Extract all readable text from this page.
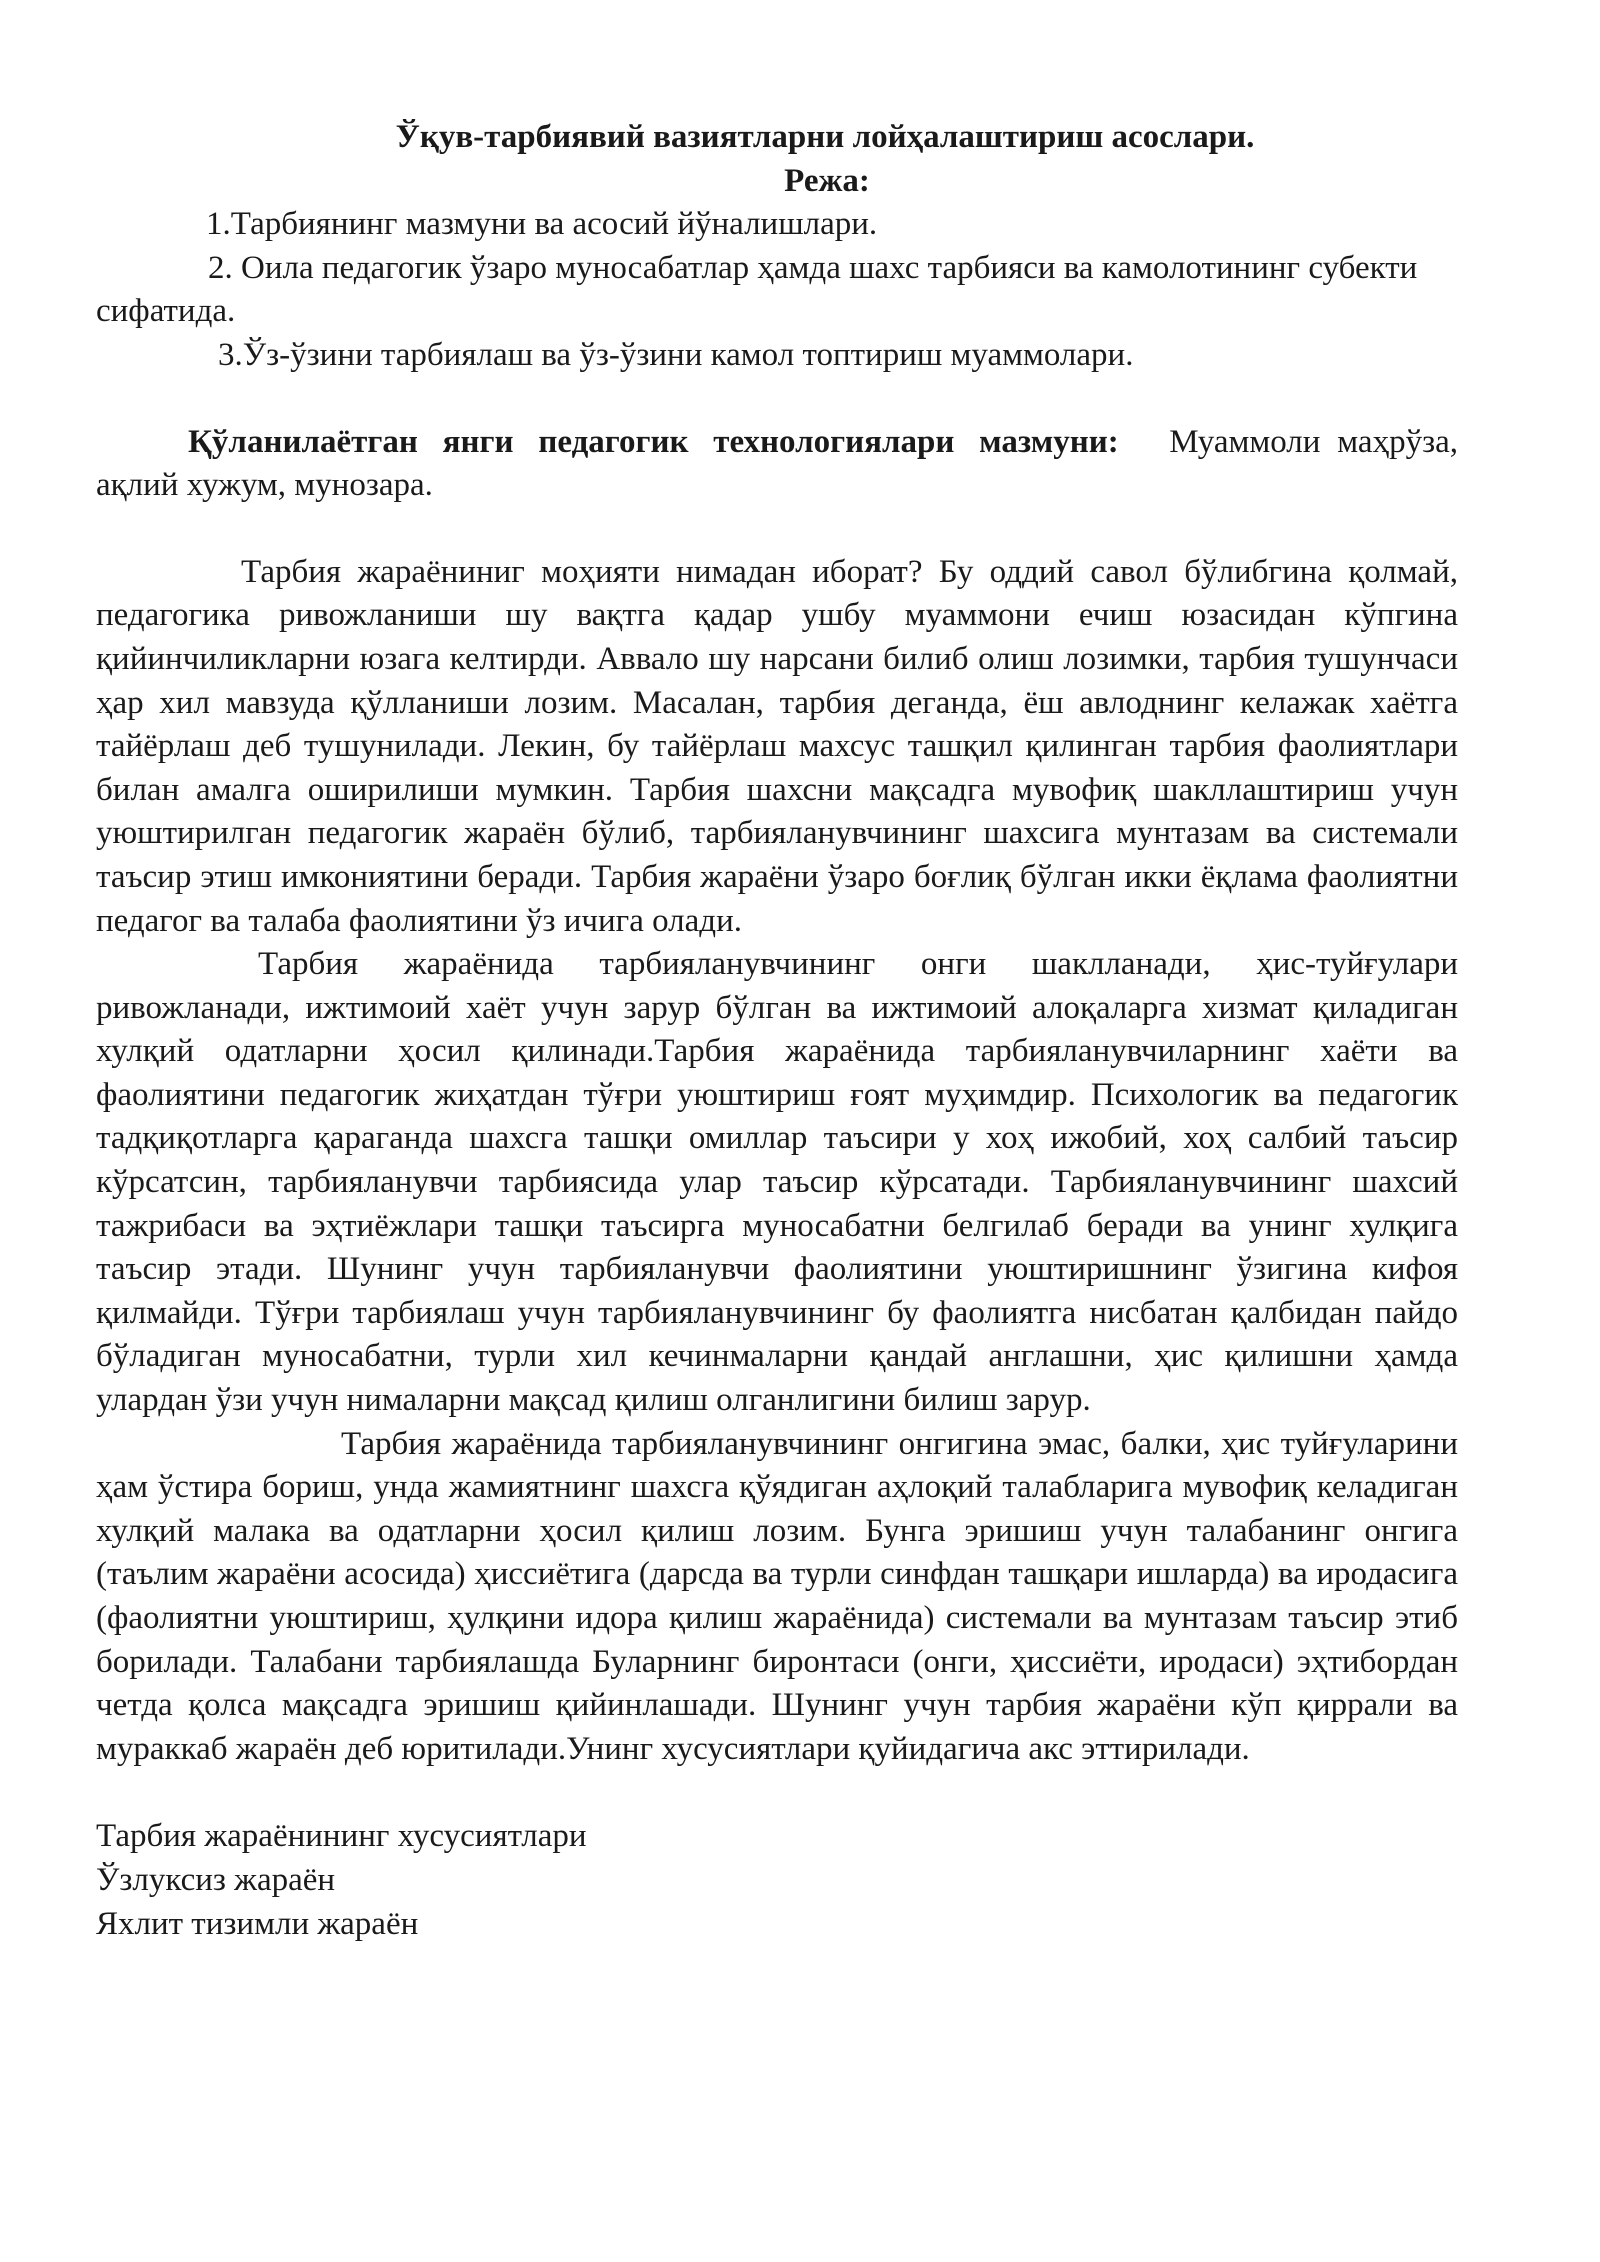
Ўқув-тарбиявий вазиятларни лойҳалаштириш асослари.

Режа:

1.Тарбиянинг мазмуни ва асосий йўналишлари.

2. Оила педагогик ўзаро муносабатлар ҳамда шахс тарбияси ва камолотининг субекти сифатида.

3.Ўз-ўзини тарбиялаш ва ўз-ўзини камол топтириш муаммолари.

Қўланилаётган янги педагогик технологиялари мазмуни: Муаммоли маҳрўза, ақлий хужум, мунозара.

Тарбия жараёниниг моҳияти нимадан иборат? Бу оддий савол бўлибгина қолмай, педагогика ривожланиши шу вақтга қадар ушбу муаммони ечиш юзасидан кўпгина қийинчиликларни юзага келтирди. Аввало шу нарсани билиб олиш лозимки, тарбия тушунчаси ҳар хил мавзуда қўлланиши лозим. Масалан, тарбия деганда, ёш авлоднинг келажак хаётга тайёрлаш деб тушунилади. Лекин, бу тайёрлаш махсус ташқил қилинган тарбия фаолиятлари билан амалга оширилиши мумкин. Тарбия шахсни мақсадга мувофиқ шакллаштириш учун уюштирилган педагогик жараён бўлиб, тарбияланувчининг шахсига мунтазам ва системали таъсир этиш имкониятини беради. Тарбия жараёни ўзаро боғлиқ бўлган икки ёқлама фаолиятни педагог ва талаба фаолиятини ўз ичига олади.

Тарбия жараёнида тарбияланувчининг онги шаклланади, ҳис-туйғулари ривожланади, ижтимоий хаёт учун зарур бўлган ва ижтимоий алоқаларга хизмат қиладиган хулқий одатларни ҳосил қилинади.Тарбия жараёнида тарбияланувчиларнинг хаёти ва фаолиятини педагогик жиҳатдан тўғри уюштириш ғоят муҳимдир. Психологик ва педагогик тадқиқотларга қараганда шахсга ташқи омиллар таъсири у хоҳ ижобий, хоҳ салбий таъсир кўрсатсин, тарбияланувчи тарбиясида улар таъсир кўрсатади. Тарбияланувчининг шахсий тажрибаси ва эҳтиёжлари ташқи таъсирга муносабатни белгилаб беради ва унинг хулқига таъсир этади. Шунинг учун тарбияланувчи фаолиятини уюштиришнинг ўзигина кифоя қилмайди. Тўғри тарбиялаш учун тарбияланувчининг бу фаолиятга нисбатан қалбидан пайдо бўладиган муносабатни, турли хил кечинмаларни қандай англашни, ҳис қилишни ҳамда улардан ўзи учун нималарни мақсад қилиш олганлигини билиш зарур.

Тарбия жараёнида тарбияланувчининг онгигина эмас, балки, ҳис туйғуларини ҳам ўстира бориш, унда жамиятнинг шахсга қўядиган аҳлоқий талабларига мувофиқ келадиган хулқий малака ва одатларни ҳосил қилиш лозим. Бунга эришиш учун талабанинг онгига (таълим жараёни асосида) ҳиссиётига (дарсда ва турли синфдан ташқари ишларда) ва иродасига (фаолиятни уюштириш, ҳулқини идора қилиш жараёнида) системали ва мунтазам таъсир этиб борилади. Талабани тарбиялашда Буларнинг биронтаси (онги, ҳиссиёти, иродаси) эҳтибордан четда қолса мақсадга эришиш қийинлашади. Шунинг учун тарбия жараёни кўп қиррали ва мураккаб жараён деб юритилади.Унинг хусусиятлари қуйидагича акс эттирилади.

Тарбия жараёнининг хусусиятлари
Ўзлуксиз жараён
Яхлит тизимли жараён
